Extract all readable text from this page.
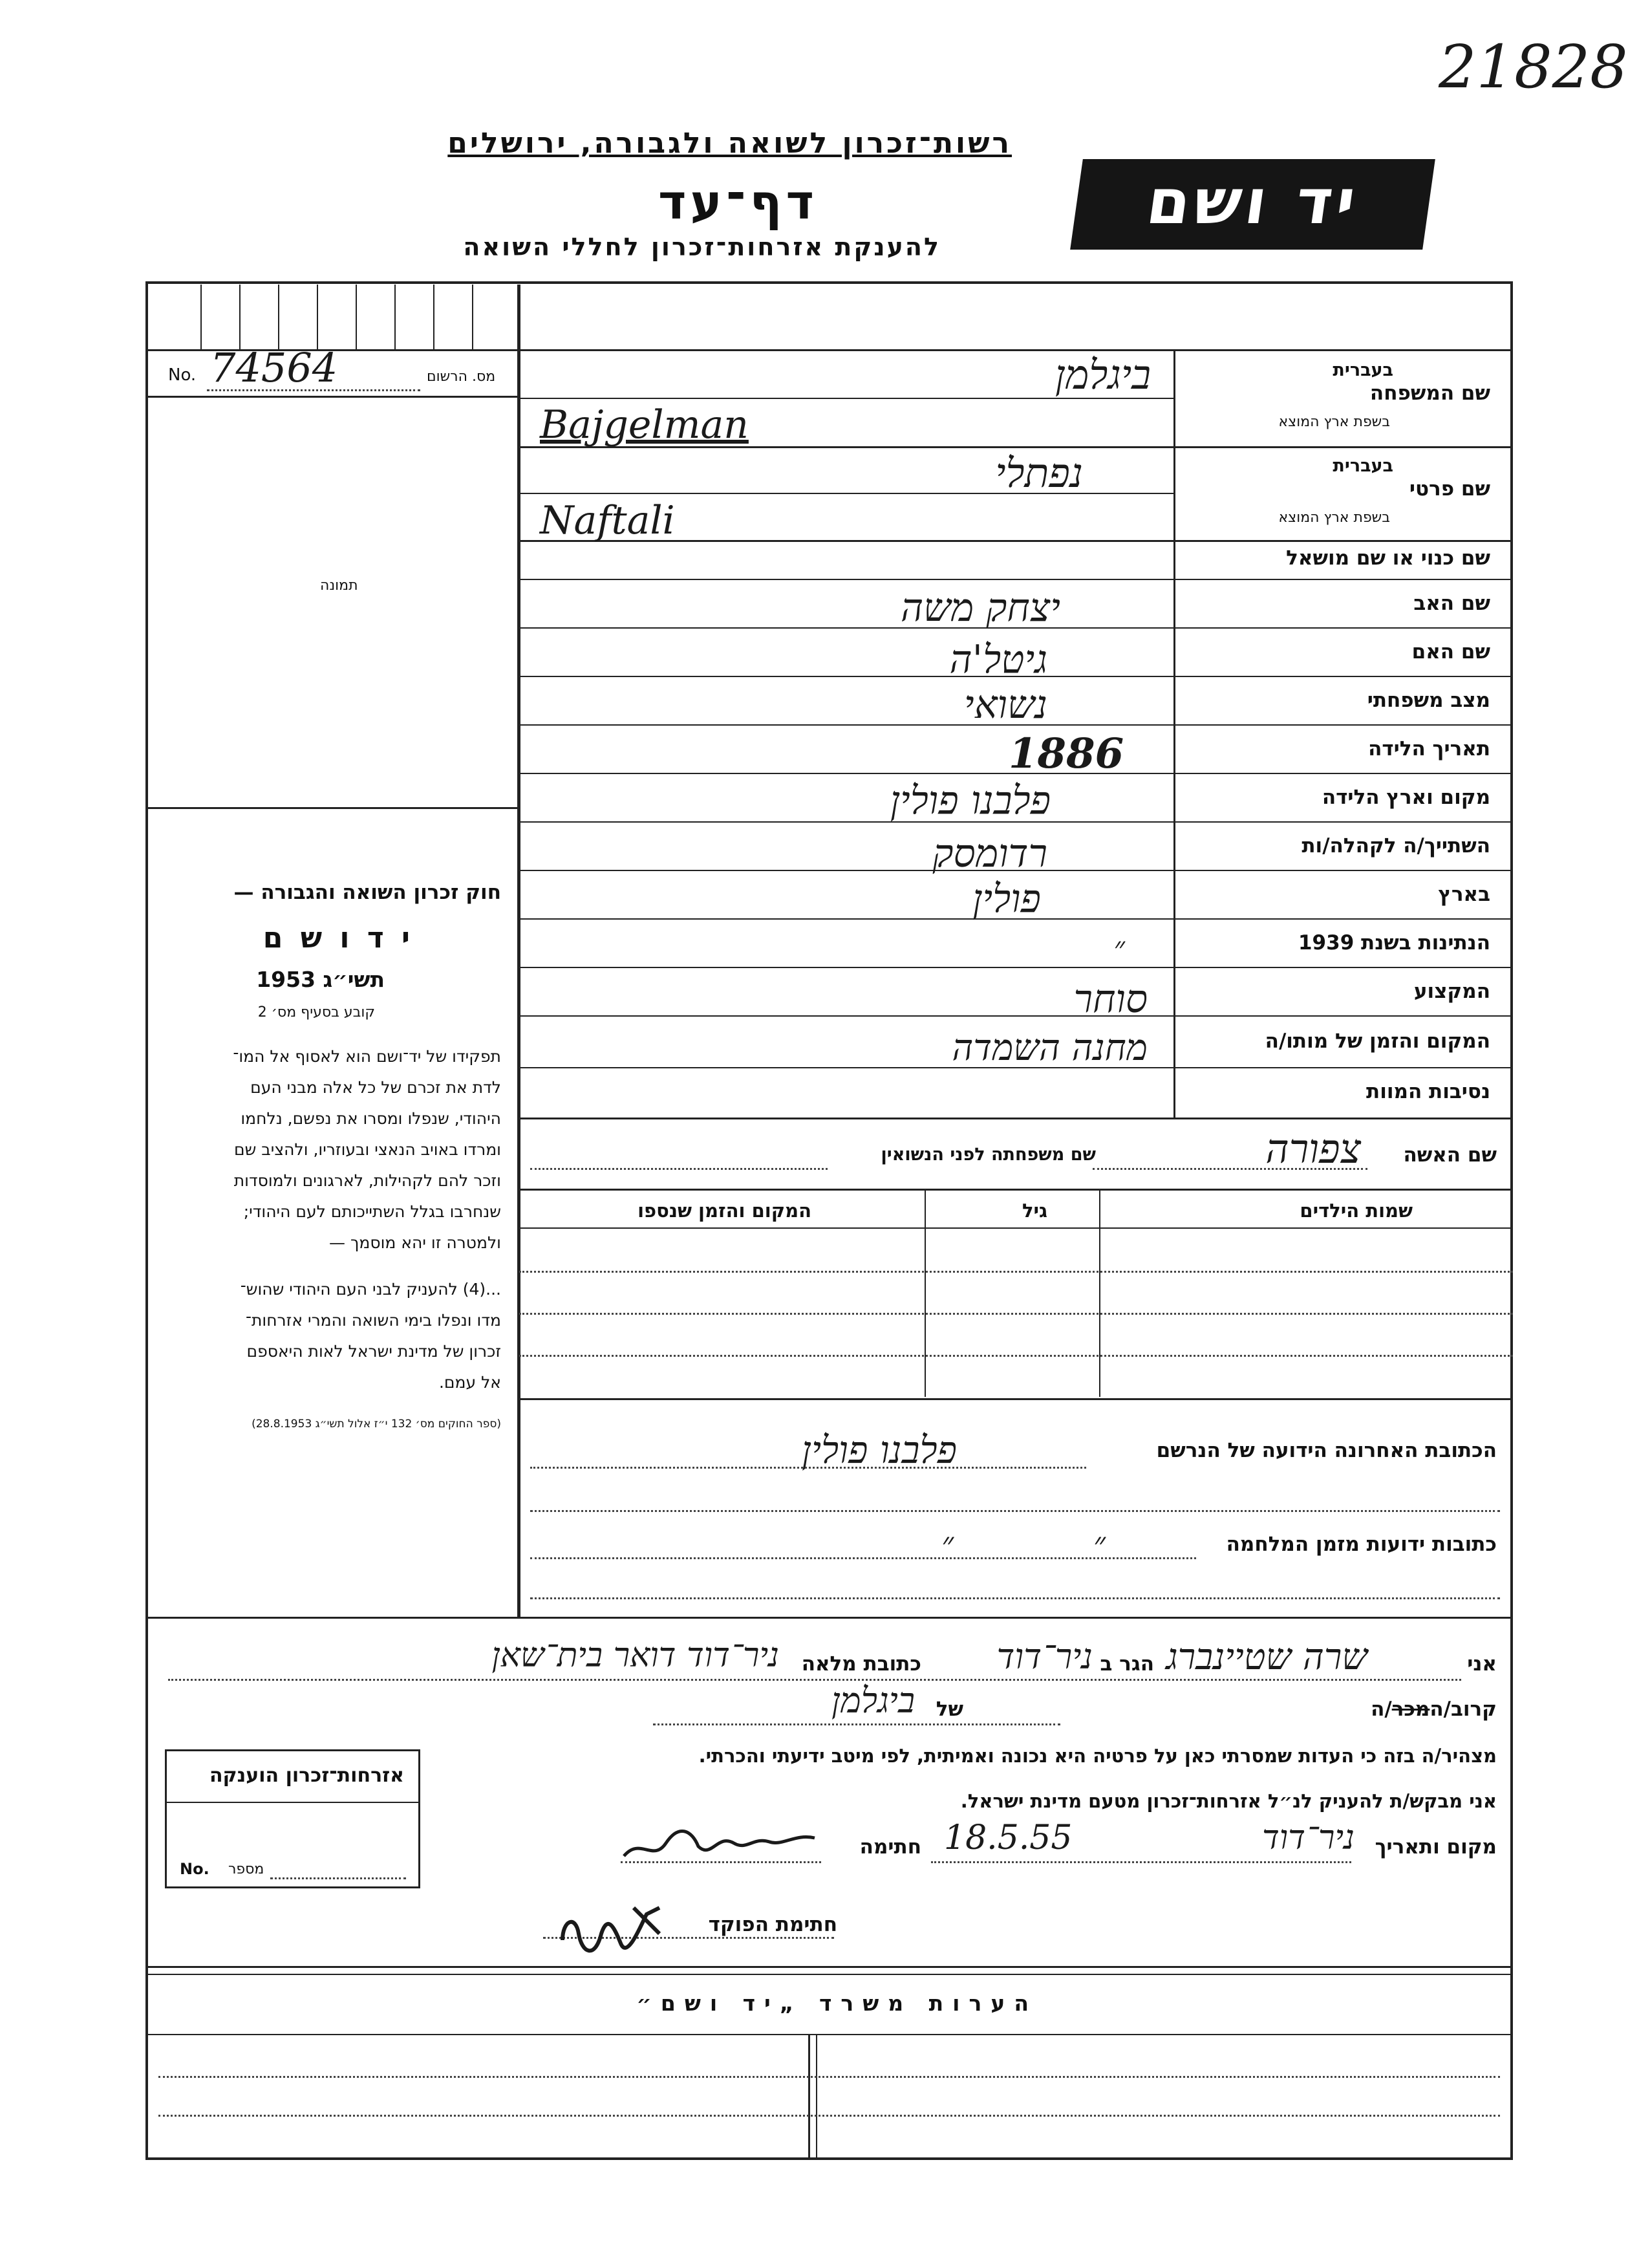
21828
רשות־זכרון לשואה ולגבורה, ירושלים
דף־עד
להענקת אזרחות־זכרון לחללי השואה
יד ושם
No. 74564	מס. הרשום
תמונה
חוק זכרון השואה והגבורה —
י ד ו ש ם
תשי״ג 1953
קובע בסעיף מס׳ 2
תפקידו של יד־ושם הוא לאסוף אל המו־
לדת את זכרם של כל אלה מבני העם
היהודי, שנפלו ומסרו את נפשם, נלחמו
ומרדו באויב הנאצי ובעוזריו, ולהציב שם
וזכר להם לקהילות, לארגונים ולמוסדות
שנחרבו בגלל השתייכותם לעם היהודי;
ולמטרה זו יהא מוסמך —
...(4) להעניק לבני העם היהודי שהוש־
מדו ונפלו בימי השואה והמרי אזרחות־
זכרון של מדינת ישראל לאות היאספם
אל עמם.
(ספר החוקים מס׳ 132 י״ז אלול תשי״ג 28.8.1953)
שם המשפחה
בעברית
בשפת ארץ המוצא
ביגלמן
Bajgelman
שם פרטי
בעברית
בשפת ארץ המוצא
נפתלי
Naftali
שם כנוי או שם מושאל
שם האב
שם האם
מצב משפחתי
תאריך הלידה
מקום וארץ הלידה
השתייך/ה לקהלה/ות
בארץ
הנתינות בשנת 1939
המקצוע
המקום והזמן של מותו/ה
נסיבות המוות
יצחק משה
גיטל'ה
נשואי
1886
פלבנו פולין
רדומסק
פולין
״
סוחר
מחנה השמדה
שם האשה
צפורה
שם משפחתה לפני הנשואין
שמות הילדים
גיל
המקום והזמן שנספו
הכתובת האחרונה הידועה של הנרשם
פלבנו פולין
כתובות ידועות מזמן המלחמה
״ ״
אני
שרה שטיינברג
הגר ב
ניר־דוד
כתובת מלאה
ניר־דוד דואר בית־שאן
קרוב/המכר/ה
של
ביגלמן
מצהיר/ה בזה כי העדות שמסרתי כאן על פרטיה היא נכונה ואמיתית, לפי מיטב ידיעתי והכרתי.
אני מבקש/ת להעניק לנ״ל אזרחות־זכרון מטעם מדינת ישראל.
מקום ותאריך
ניר־דוד
18.5.55
חתימה
חתימת הפוקד
אזרחות־זכרון הוענקה
מספר
No.
הערות משרד „יד ושם״
